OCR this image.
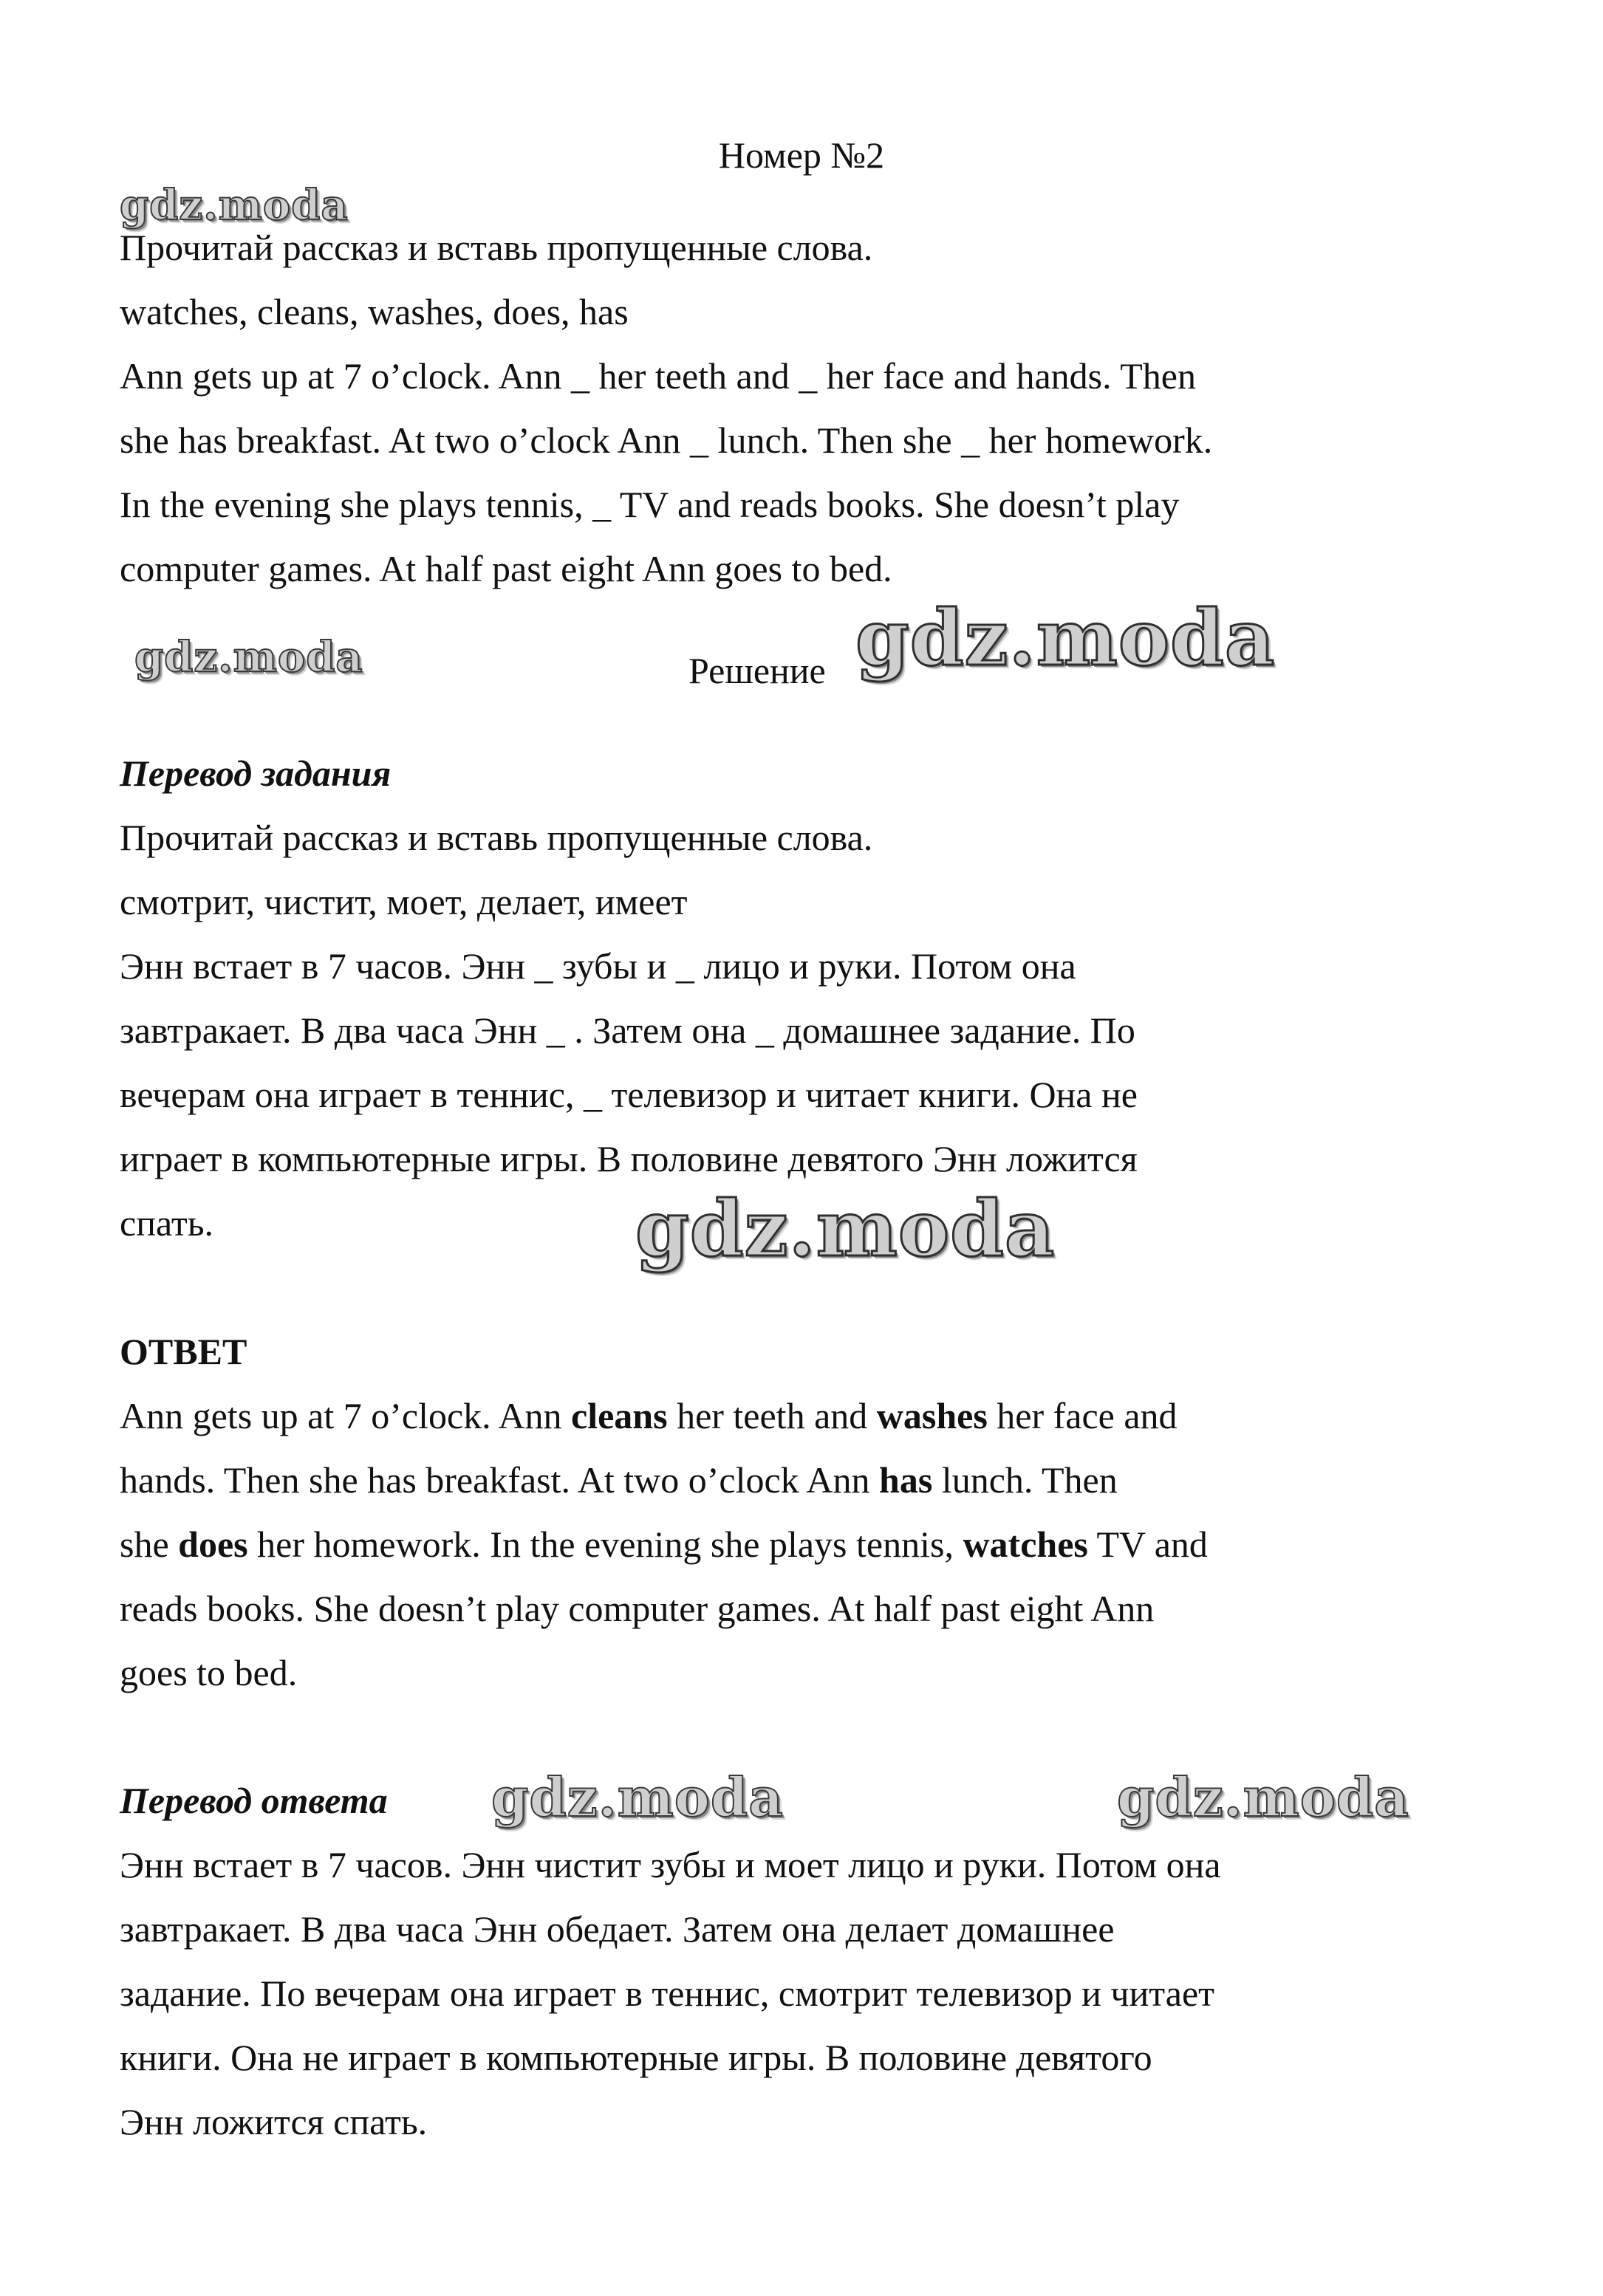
Номер №2

gdz.moda

Прочитай рассказ и вставь пропущенные слова.

watches, cleans, washes, does, has

Ann gets up at 7 o’clock. Ann _ her teeth and _ her face and hands. Then

she has breakfast. At two o’clock Ann _ lunch. Then she _ her homework.

In the evening she plays tennis, _ TV and reads books. She doesn’t play

computer games. At half past eight Ann goes to bed.

gdz.moda	Решение gdz.moda

Перевод задания

Прочитай рассказ и вставь пропущенные слова.

смотрит, чистит, моет, делает, имеет

Энн встает в 7 часов. Энн _ зубы и _ лицо и руки. Потом она

завтракает. В два часа Энн _ . Затем она _ домашнее задание. По

вечерам она играет в теннис, _ телевизор и читает книги. Она не

играет в компьютерные игры. В половине девятого Энн ложится

спать.	gdz.moda

ОТВЕТ

Ann gets up at 7 o’clock. Ann cleans her teeth and washes her face and

hands. Then she has breakfast. At two o’clock Ann has lunch. Then

she does her homework. In the evening she plays tennis, watches TV and

reads books. She doesn’t play computer games. At half past eight Ann

goes to bed.

Перевод ответа gdz.moda	gdz.moda

Энн встает в 7 часов. Энн чистит зубы и моет лицо и руки. Потом она

завтракает. В два часа Энн обедает. Затем она делает домашнее

задание. По вечерам она играет в теннис, смотрит телевизор и читает

книги. Она не играет в компьютерные игры. В половине девятого

Энн ложится спать.
